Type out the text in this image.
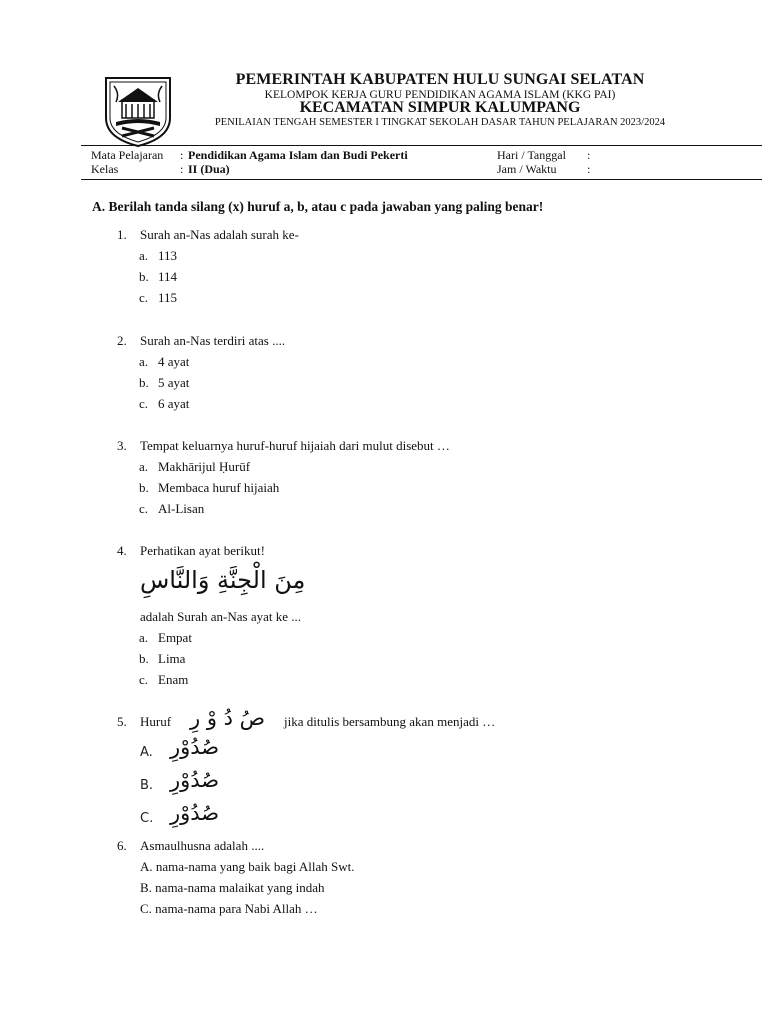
PEMERINTAH KABUPATEN HULU SUNGAI SELATAN
KELOMPOK KERJA GURU PENDIDIKAN AGAMA ISLAM (KKG PAI)
KECAMATAN SIMPUR KALUMPANG
PENILAIAN TENGAH SEMESTER I TINGKAT SEKOLAH DASAR TAHUN PELAJARAN 2023/2024
Mata Pelajaran : Pendidikan Agama Islam dan Budi Pekerti
Kelas	: II (Dua)
Hari / Tanggal :
Jam / Waktu	:
A. Berilah tanda silang (x) huruf a, b, atau c pada jawaban yang paling benar!
1. Surah an-Nas adalah surah ke-
a. 113
b. 114
c. 115
2. Surah an-Nas terdiri atas ....
a. 4 ayat
b. 5 ayat
c. 6 ayat
3. Tempat keluarnya huruf-huruf hijaiah dari mulut disebut …
a. Makhārijul Ḥurūf
b. Membaca huruf hijaiah
c. Al-Lisan
4. Perhatikan ayat berikut!
مِنَ الْجِنَّةِ وَالنَّاسِ
adalah Surah an-Nas ayat ke ...
a. Empat
b. Lima
c. Enam
5. Huruf صُ دُ وْ رِ jika ditulis bersambung akan menjadi …
A. صُدُوْرِ
B. صُدُوْرِ
C. صُدُوْرِ
6. Asmaulhusna adalah ....
A. nama-nama yang baik bagi Allah Swt.
B. nama-nama malaikat yang indah
C. nama-nama para Nabi Allah …
